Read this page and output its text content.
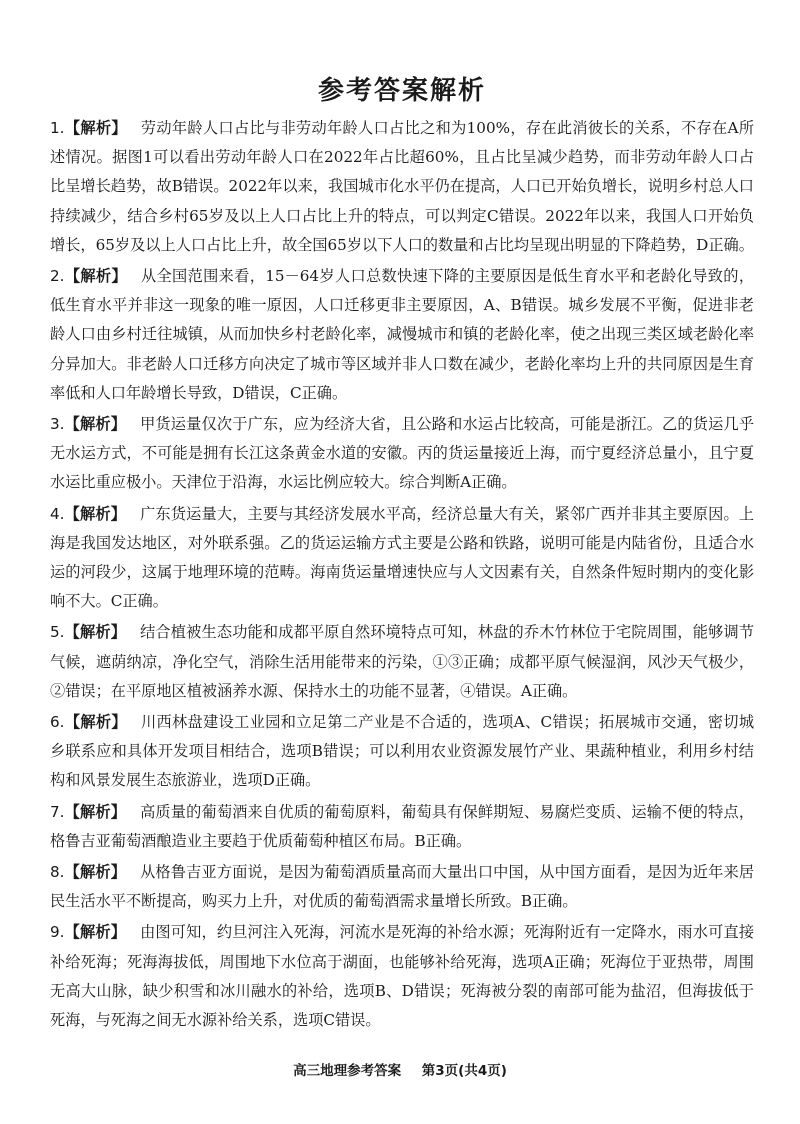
参考答案解析

1.【解析】 劳动年龄人口占比与非劳动年龄人口占比之和为100%，存在此消彼长的关系，不存在A所述情况。据图1可以看出劳动年龄人口在2022年占比超60%，且占比呈减少趋势，而非劳动年龄人口占比呈增长趋势，故B错误。2022年以来，我国城市化水平仍在提高，人口已开始负增长，说明乡村总人口持续减少，结合乡村65岁及以上人口占比上升的特点，可以判定C错误。2022年以来，我国人口开始负增长，65岁及以上人口占比上升，故全国65岁以下人口的数量和占比均呈现出明显的下降趋势，D正确。

2.【解析】 从全国范围来看，15－64岁人口总数快速下降的主要原因是低生育水平和老龄化导致的，低生育水平并非这一现象的唯一原因，人口迁移更非主要原因，A、B错误。城乡发展不平衡，促进非老龄人口由乡村迁往城镇，从而加快乡村老龄化率，减慢城市和镇的老龄化率，使之出现三类区域老龄化率分异加大。非老龄人口迁移方向决定了城市等区域并非人口数在减少，老龄化率均上升的共同原因是生育率低和人口年龄增长导致，D错误，C正确。

3.【解析】 甲货运量仅次于广东，应为经济大省，且公路和水运占比较高，可能是浙江。乙的货运几乎无水运方式，不可能是拥有长江这条黄金水道的安徽。丙的货运量接近上海，而宁夏经济总量小，且宁夏水运比重应极小。天津位于沿海，水运比例应较大。综合判断A正确。

4.【解析】 广东货运量大，主要与其经济发展水平高，经济总量大有关，紧邻广西并非其主要原因。上海是我国发达地区，对外联系强。乙的货运运输方式主要是公路和铁路，说明可能是内陆省份，且适合水运的河段少，这属于地理环境的范畴。海南货运量增速快应与人文因素有关，自然条件短时期内的变化影响不大。C正确。

5.【解析】 结合植被生态功能和成都平原自然环境特点可知，林盘的乔木竹林位于宅院周围，能够调节气候，遮荫纳凉，净化空气，消除生活用能带来的污染，①③正确；成都平原气候湿润，风沙天气极少，②错误；在平原地区植被涵养水源、保持水土的功能不显著，④错误。A正确。

6.【解析】 川西林盘建设工业园和立足第二产业是不合适的，选项A、C错误；拓展城市交通，密切城乡联系应和具体开发项目相结合，选项B错误；可以利用农业资源发展竹产业、果蔬种植业，利用乡村结构和风景发展生态旅游业，选项D正确。

7.【解析】 高质量的葡萄酒来自优质的葡萄原料，葡萄具有保鲜期短、易腐烂变质、运输不便的特点，格鲁吉亚葡萄酒酿造业主要趋于优质葡萄种植区布局。B正确。

8.【解析】 从格鲁吉亚方面说，是因为葡萄酒质量高而大量出口中国，从中国方面看，是因为近年来居民生活水平不断提高，购买力上升，对优质的葡萄酒需求量增长所致。B正确。

9.【解析】 由图可知，约旦河注入死海，河流水是死海的补给水源；死海附近有一定降水，雨水可直接补给死海；死海海拔低，周围地下水位高于湖面，也能够补给死海，选项A正确；死海位于亚热带，周围无高大山脉，缺少积雪和冰川融水的补给，选项B、D错误；死海被分裂的南部可能为盐沼，但海拔低于死海，与死海之间无水源补给关系，选项C错误。

高三地理参考答案 第3页(共4页)
